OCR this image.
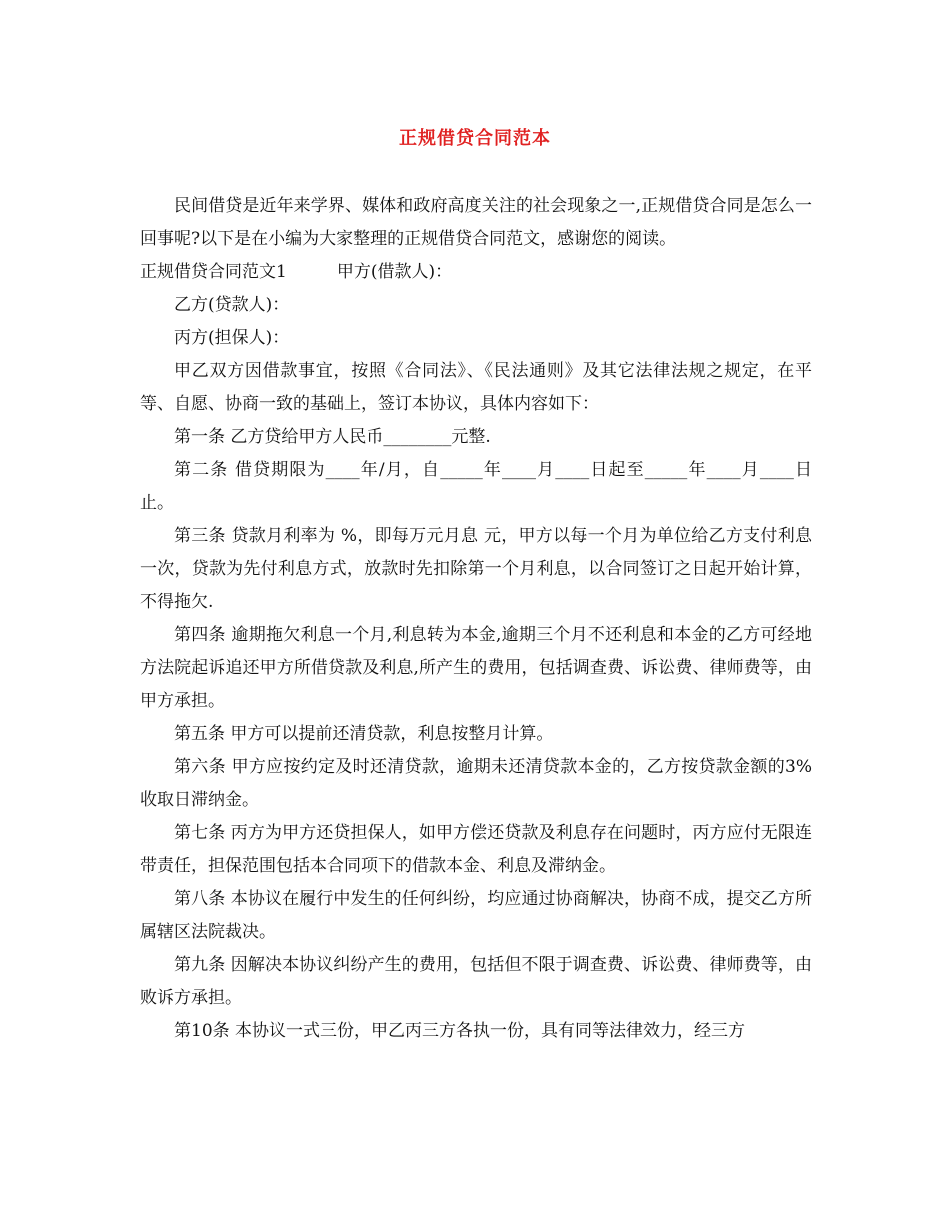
正规借贷合同范本

民间借贷是近年来学界、媒体和政府高度关注的社会现象之一,正规借贷合同是怎么一回事呢?以下是在小编为大家整理的正规借贷合同范文，感谢您的阅读。

正规借贷合同范文1	甲方(借款人)：

乙方(贷款人)：

丙方(担保人)：

甲乙双方因借款事宜，按照《合同法》、《民法通则》及其它法律法规之规定，在平等、自愿、协商一致的基础上，签订本协议，具体内容如下：

第一条 乙方贷给甲方人民币________元整.

第二条 借贷期限为____年/月，自_____年____月____日起至_____年____月____日止。

第三条 贷款月利率为 %，即每万元月息 元，甲方以每一个月为单位给乙方支付利息一次，贷款为先付利息方式，放款时先扣除第一个月利息，以合同签订之日起开始计算，不得拖欠.

第四条 逾期拖欠利息一个月,利息转为本金,逾期三个月不还利息和本金的乙方可经地方法院起诉追还甲方所借贷款及利息,所产生的费用，包括调查费、诉讼费、律师费等，由甲方承担。

第五条 甲方可以提前还清贷款，利息按整月计算。

第六条 甲方应按约定及时还清贷款，逾期未还清贷款本金的，乙方按贷款金额的3%收取日滞纳金。

第七条 丙方为甲方还贷担保人，如甲方偿还贷款及利息存在问题时，丙方应付无限连带责任，担保范围包括本合同项下的借款本金、利息及滞纳金。

第八条 本协议在履行中发生的任何纠纷，均应通过协商解决，协商不成，提交乙方所属辖区法院裁决。

第九条 因解决本协议纠纷产生的费用，包括但不限于调查费、诉讼费、律师费等，由败诉方承担。

第10条 本协议一式三份，甲乙丙三方各执一份，具有同等法律效力，经三方
